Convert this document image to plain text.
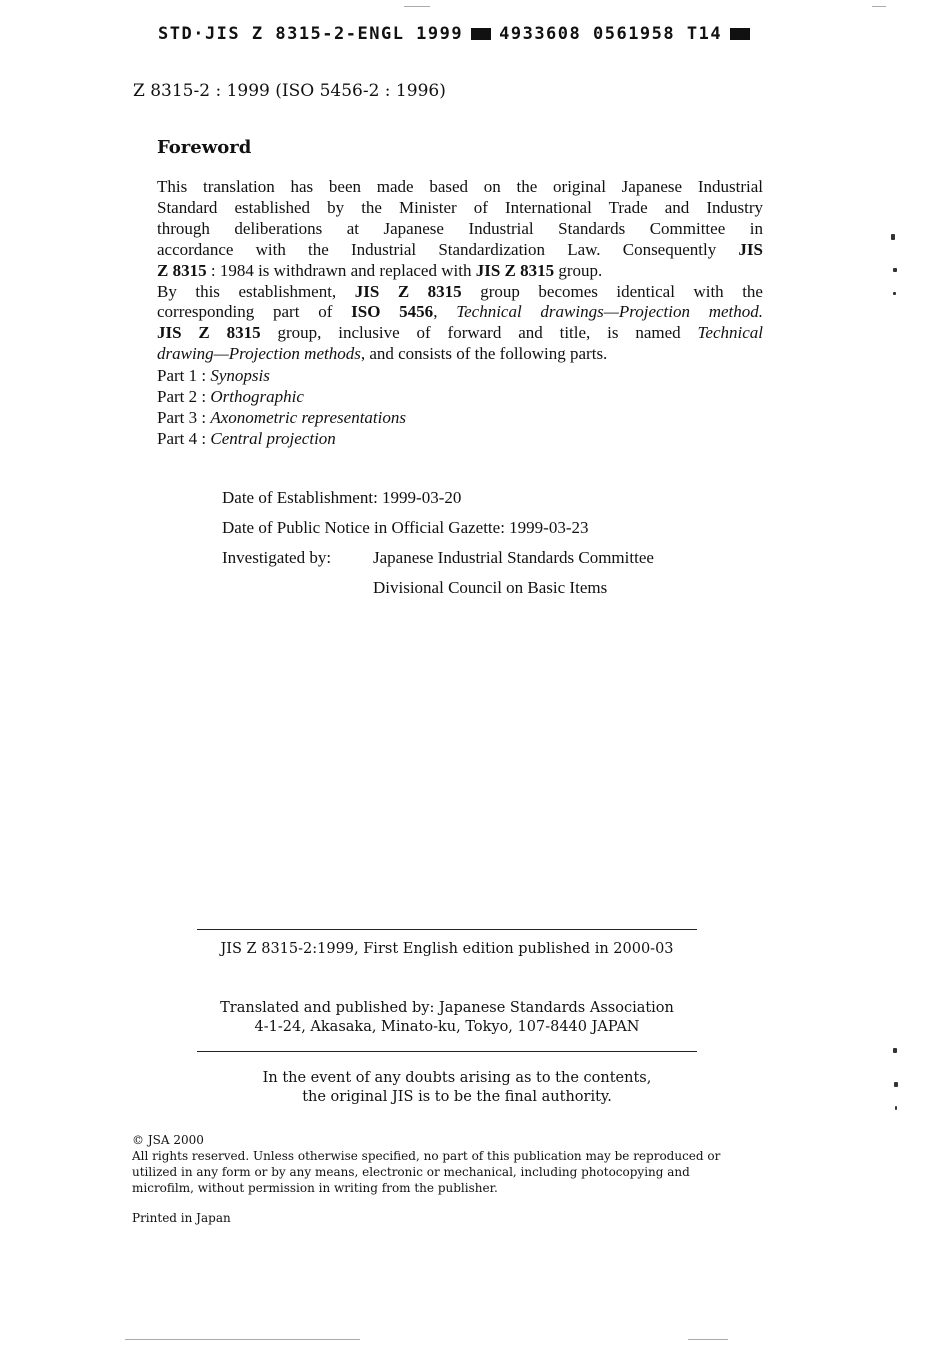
STD·JIS Z 8315-2-ENGL 1999 4933608 0561958 T14
Z 8315-2 : 1999 (ISO 5456-2 : 1996)
Foreword
This translation has been made based on the original Japanese Industrial
Standard established by the Minister of International Trade and Industry
through deliberations at Japanese Industrial Standards Committee in
accordance with the Industrial Standardization Law. Consequently JIS
Z 8315 : 1984 is withdrawn and replaced with JIS Z 8315 group.
By this establishment, JIS Z 8315 group becomes identical with the
corresponding part of ISO 5456, Technical drawings—Projection method.
JIS Z 8315 group, inclusive of forward and title, is named Technical
drawing—Projection methods, and consists of the following parts.
Part 1 : Synopsis
Part 2 : Orthographic
Part 3 : Axonometric representations
Part 4 : Central projection
Date of Establishment: 1999-03-20
Date of Public Notice in Official Gazette: 1999-03-23
Investigated by: Japanese Industrial Standards Committee
Divisional Council on Basic Items
JIS Z 8315-2:1999, First English edition published in 2000-03
Translated and published by: Japanese Standards Association
4-1-24, Akasaka, Minato-ku, Tokyo, 107-8440 JAPAN
In the event of any doubts arising as to the contents,
the original JIS is to be the final authority.
© JSA 2000
All rights reserved. Unless otherwise specified, no part of this publication may be reproduced or
utilized in any form or by any means, electronic or mechanical, including photocopying and
microfilm, without permission in writing from the publisher.
Printed in Japan
